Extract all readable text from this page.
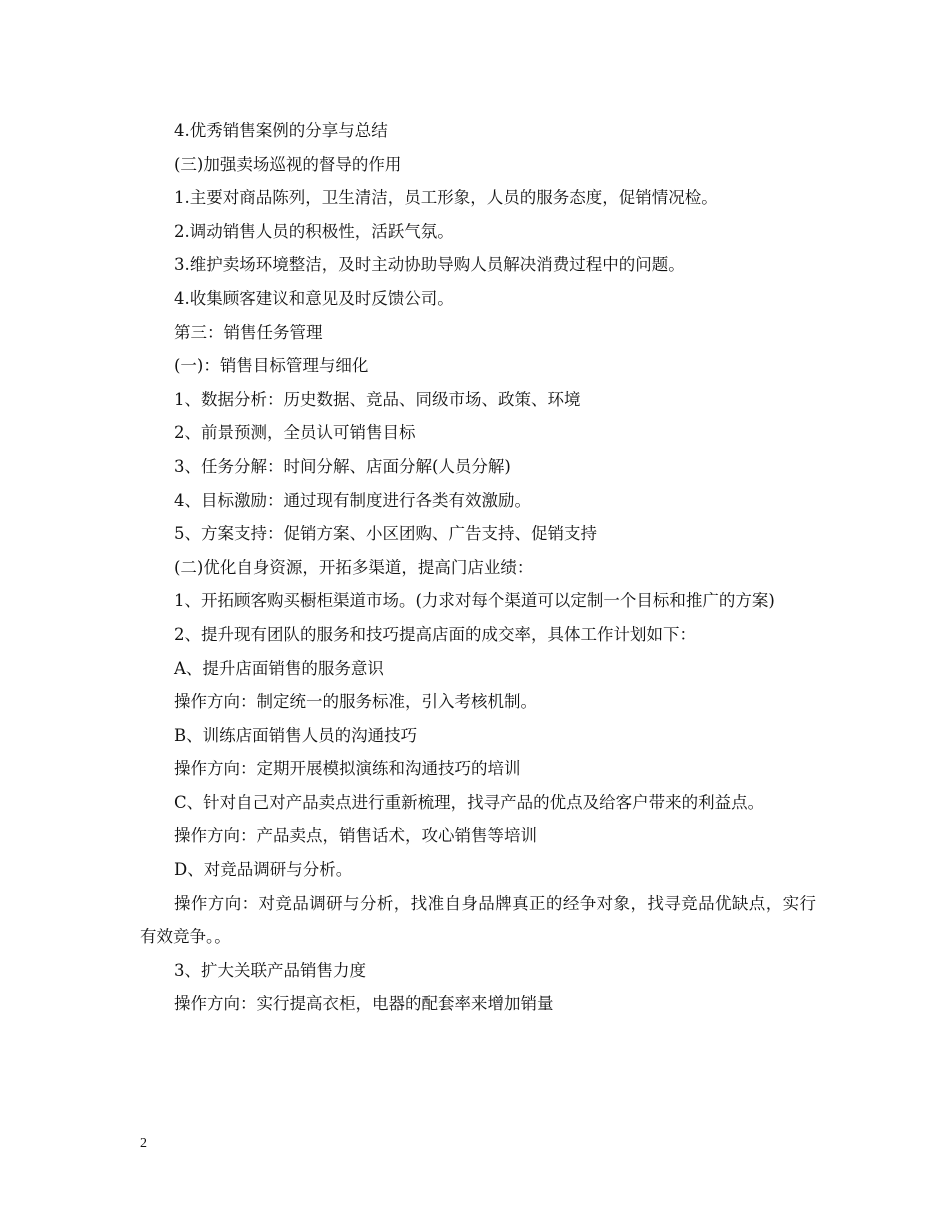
4.优秀销售案例的分享与总结

(三)加强卖场巡视的督导的作用

1.主要对商品陈列，卫生清洁，员工形象，人员的服务态度，促销情况检。

2.调动销售人员的积极性，活跃气氛。

3.维护卖场环境整洁，及时主动协助导购人员解决消费过程中的问题。

4.收集顾客建议和意见及时反馈公司。

第三：销售任务管理

(一)：销售目标管理与细化

1、数据分析：历史数据、竞品、同级市场、政策、环境

2、前景预测，全员认可销售目标

3、任务分解：时间分解、店面分解(人员分解)

4、目标激励：通过现有制度进行各类有效激励。

5、方案支持：促销方案、小区团购、广告支持、促销支持

(二)优化自身资源，开拓多渠道，提高门店业绩：

1、开拓顾客购买橱柜渠道市场。(力求对每个渠道可以定制一个目标和推广的方案)

2、提升现有团队的服务和技巧提高店面的成交率，具体工作计划如下：

A、提升店面销售的服务意识

操作方向：制定统一的服务标准，引入考核机制。

B、训练店面销售人员的沟通技巧

操作方向：定期开展模拟演练和沟通技巧的培训

C、针对自己对产品卖点进行重新梳理，找寻产品的优点及给客户带来的利益点。

操作方向：产品卖点，销售话术，攻心销售等培训

D、对竞品调研与分析。

操作方向：对竞品调研与分析，找准自身品牌真正的经争对象，找寻竞品优缺点，实行有效竞争。。

3、扩大关联产品销售力度

操作方向：实行提高衣柜，电器的配套率来增加销量

2
